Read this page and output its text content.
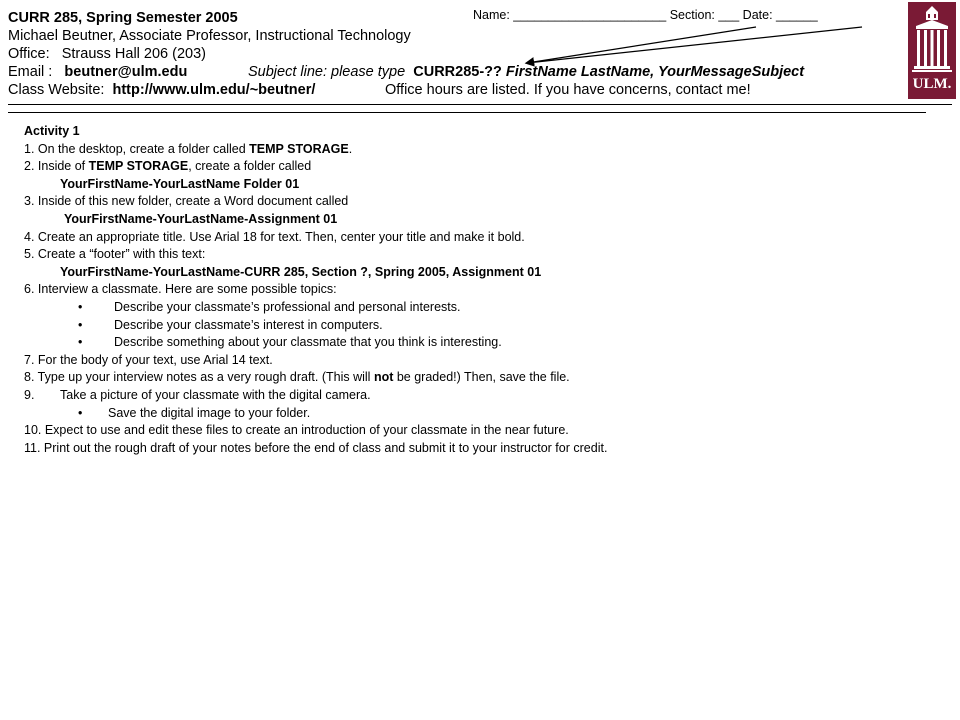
CURR 285, Spring Semester 2005
Michael Beutner, Associate Professor, Instructional Technology
Office: Strauss Hall 206 (203)
Email : beutner@ulm.edu	Subject line: please type CURR285-?? FirstName LastName, YourMessageSubject
Class Website: http://www.ulm.edu/~beutner/	Office hours are listed. If you have concerns, contact me!
Name: ______________________ Section: ___ Date: ______
ULM.
Activity 1
1. On the desktop, create a folder called TEMP STORAGE.
2. Inside of TEMP STORAGE, create a folder called
YourFirstName-YourLastName Folder 01
3. Inside of this new folder, create a Word document called
YourFirstName-YourLastName-Assignment 01
4. Create an appropriate title. Use Arial 18 for text. Then, center your title and make it bold.
5. Create a “footer” with this text:
YourFirstName-YourLastName-CURR 285, Section ?, Spring 2005, Assignment 01
6. Interview a classmate. Here are some possible topics:
•	Describe your classmate’s professional and personal interests.
•	Describe your classmate’s interest in computers.
•	Describe something about your classmate that you think is interesting.
7. For the body of your text, use Arial 14 text.
8. Type up your interview notes as a very rough draft. (This will not be graded!) Then, save the file.
9. Take a picture of your classmate with the digital camera.
• Save the digital image to your folder.
10. Expect to use and edit these files to create an introduction of your classmate in the near future.
11. Print out the rough draft of your notes before the end of class and submit it to your instructor for credit.
